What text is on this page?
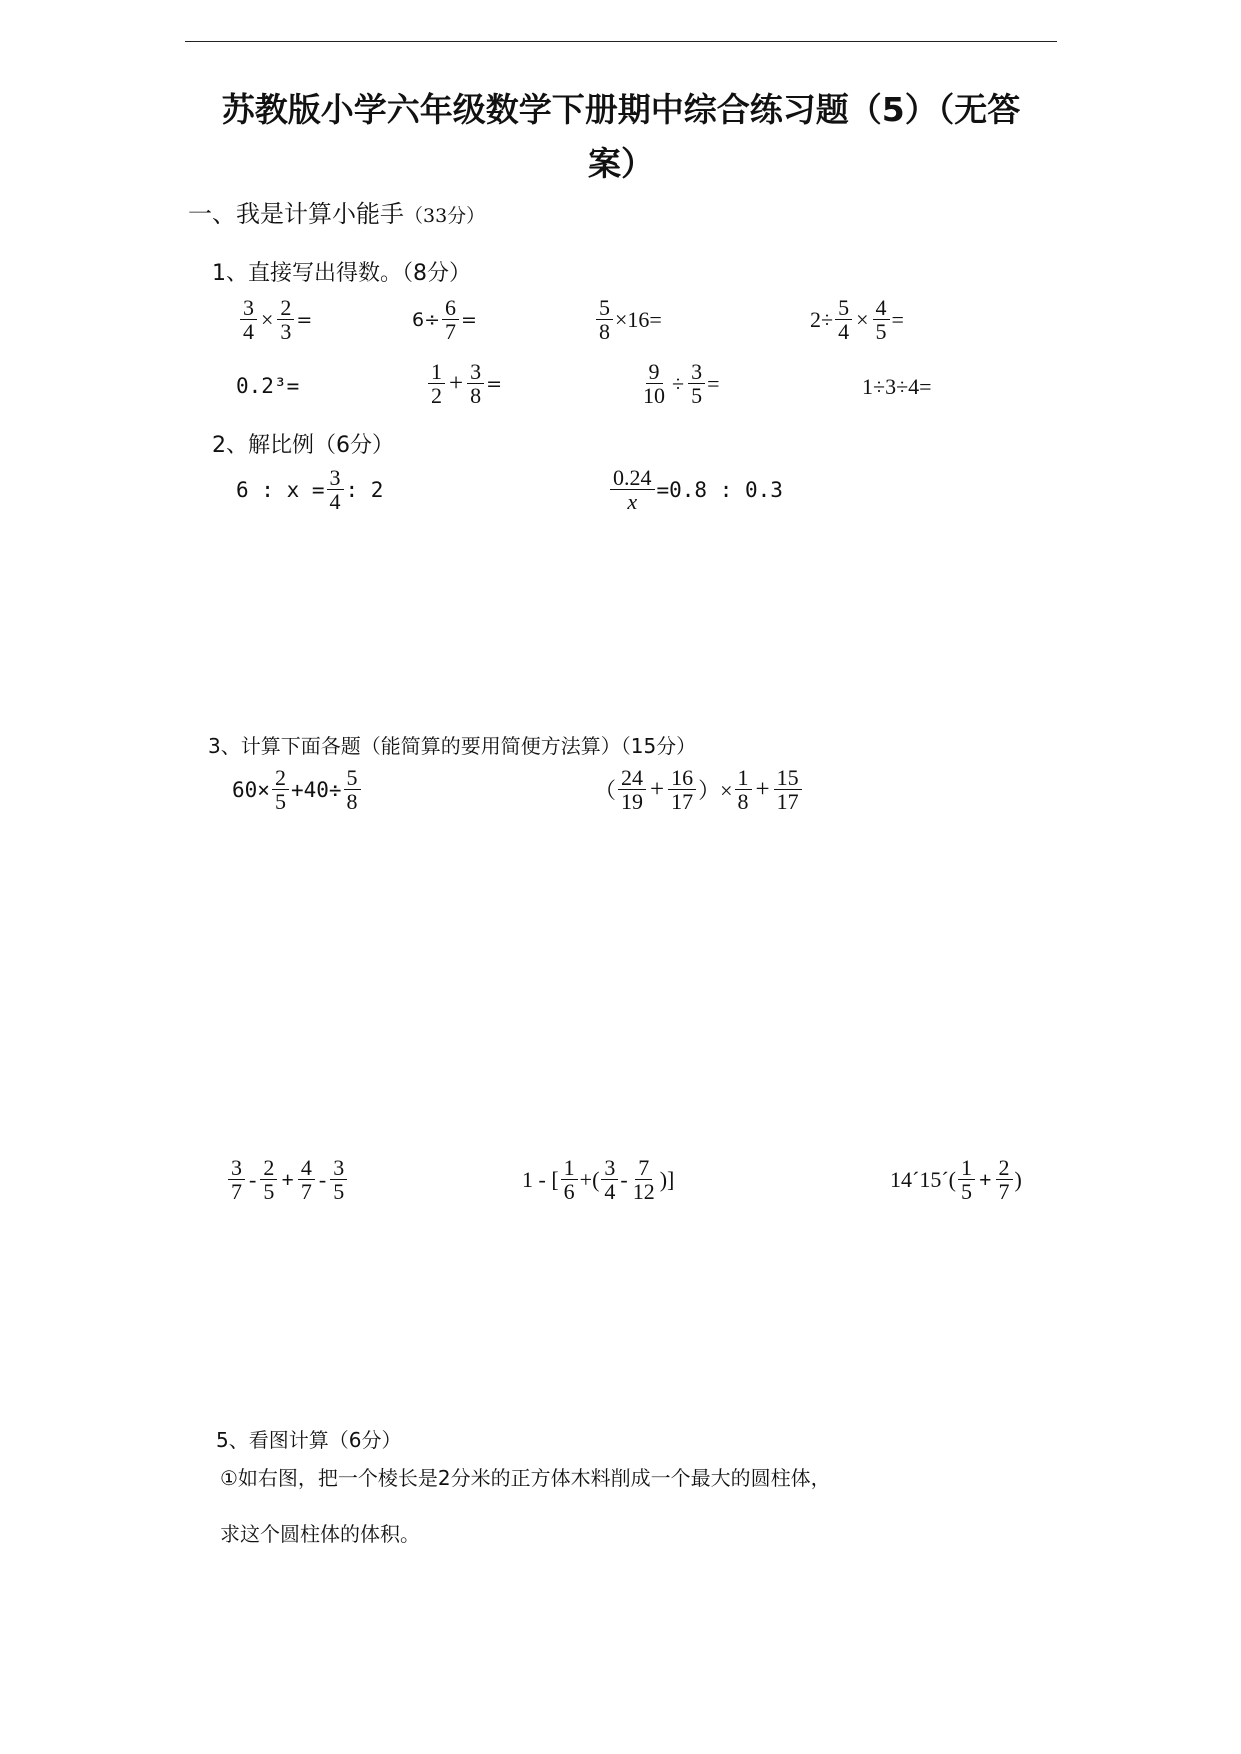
苏教版小学六年级数学下册期中综合练习题（5）（无答
案）
一、我是计算小能手（33分）
1、直接写出得数。（8分）
$\frac{3}{4} \times \frac{2}{3}$ =	$6\div \frac{6}{7}$ =	$\frac{5}{8} \times 16=$	$2\div \frac{5}{4} \times \frac{4}{5}$ =
0.2³=	$\frac{1}{2} + \frac{3}{8}$ =	$\frac{9}{10} \div \frac{3}{5}$ =	1÷3÷4=
2、解比例（6分）
6 : $x = \frac{3}{4}$ : 2	$\frac{0.24}{x} =0.8$ : 0.3
3、计算下面各题（能简算的要用简便方法算）（15分）
$60\times \frac{2}{5} +40\div \frac{5}{8}$	（ $\frac{24}{19} + \frac{16}{17}$ ）× $\frac{1}{8} + \frac{15}{17}$
$\frac{3}{7} - \frac{2}{5} + \frac{4}{7} - \frac{3}{5}$	1 - [ $\frac{1}{6}$ +( $\frac{3}{4} - \frac{7}{12}$ )]	14´15´( $\frac{1}{5} + \frac{2}{7}$ )
5、看图计算（6分）
①如右图，把一个棱长是2分米的正方体木料削成一个最大的圆柱体，
求这个圆柱体的体积。
